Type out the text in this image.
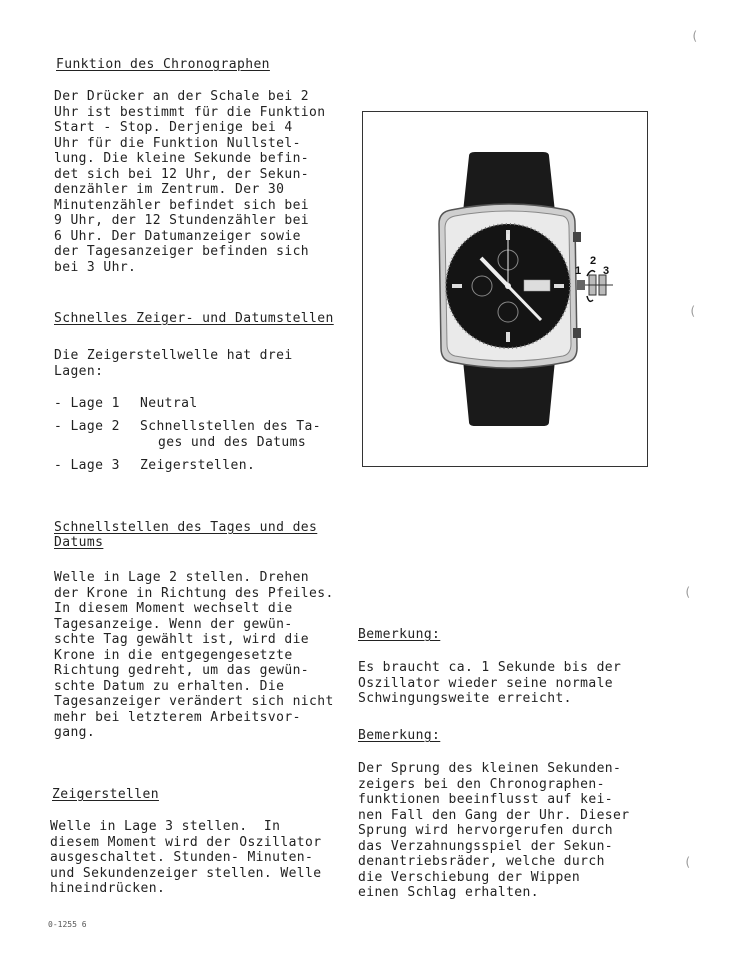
Funktion des Chronographen
Der Drücker an der Schale bei 2
Uhr ist bestimmt für die Funktion
Start - Stop. Derjenige bei 4
Uhr für die Funktion Nullstel-
lung. Die kleine Sekunde befin-
det sich bei 12 Uhr, der Sekun-
denzähler im Zentrum. Der 30
Minutenzähler befindet sich bei
9 Uhr, der 12 Stundenzähler bei
6 Uhr. Der Datumanzeiger sowie
der Tagesanzeiger befinden sich
bei 3 Uhr.
Schnelles Zeiger- und Datumstellen
Die Zeigerstellwelle hat drei
Lagen:
- Lage 1 Neutral
- Lage 2 Schnellstellen des Ta-
ges und des Datums
- Lage 3 Zeigerstellen.
Schnellstellen des Tages und des
Datums
Welle in Lage 2 stellen. Drehen
der Krone in Richtung des Pfeiles.
In diesem Moment wechselt die
Tagesanzeige. Wenn der gewün-
schte Tag gewählt ist, wird die
Krone in die entgegengesetzte
Richtung gedreht, um das gewün-
schte Datum zu erhalten. Die
Tagesanzeiger verändert sich nicht
mehr bei letzterem Arbeitsvor-
gang.
Zeigerstellen
Welle in Lage 3 stellen.  In
diesem Moment wird der Oszillator
ausgeschaltet. Stunden- Minuten-
und Sekundenzeiger stellen. Welle
hineindrücken.
0-1255 6
1
2
3
Bemerkung:
Es braucht ca. 1 Sekunde bis der
Oszillator wieder seine normale
Schwingungsweite erreicht.
Bemerkung:
Der Sprung des kleinen Sekunden-
zeigers bei den Chronographen-
funktionen beeinflusst auf kei-
nen Fall den Gang der Uhr. Dieser
Sprung wird hervorgerufen durch
das Verzahnungsspiel der Sekun-
denantriebsräder, welche durch
die Verschiebung der Wippen
einen Schlag erhalten.
(
(
(
(
